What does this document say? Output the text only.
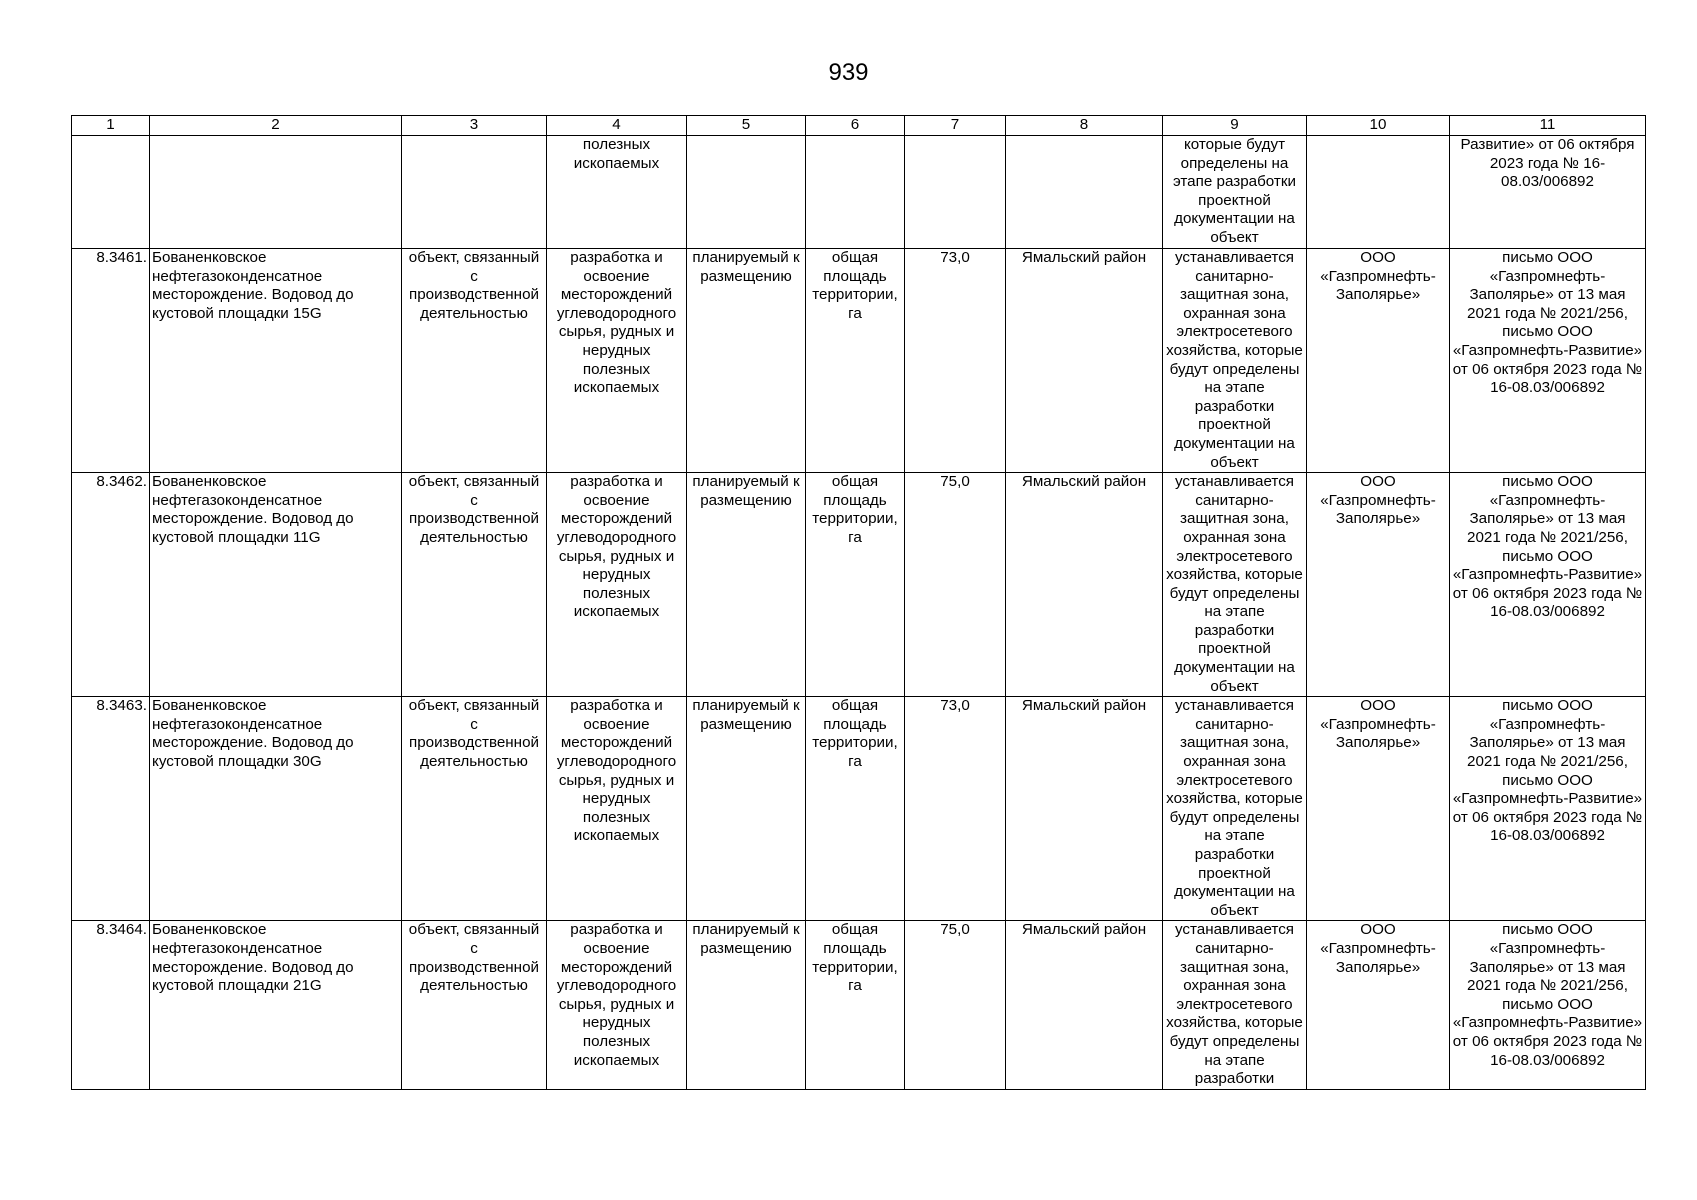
939
1	2	3	4	5	6	7	8	9	10	11
			полезных ископаемых					которые будут определены на этапе разработки проектной документации на объект		Развитие» от 06 октября 2023 года № 16-08.03/006892
8.3461.	Бованенковское нефтегазоконденсатное месторождение. Водовод до кустовой площадки 15G	объект, связанный с производственной деятельностью	разработка и освоение месторождений углеводородного сырья, рудных и нерудных полезных ископаемых	планируемый к размещению	общая площадь территории, га	73,0	Ямальский район	устанавливается санитарно-защитная зона, охранная зона электросетевого хозяйства, которые будут определены на этапе разработки проектной документации на объект	ООО «Газпромнефть-Заполярье»	письмо ООО «Газпромнефть-Заполярье» от 13 мая 2021 года № 2021/256, письмо ООО «Газпромнефть-Развитие» от 06 октября 2023 года № 16-08.03/006892
8.3462.	Бованенковское нефтегазоконденсатное месторождение. Водовод до кустовой площадки 11G	объект, связанный с производственной деятельностью	разработка и освоение месторождений углеводородного сырья, рудных и нерудных полезных ископаемых	планируемый к размещению	общая площадь территории, га	75,0	Ямальский район	устанавливается санитарно-защитная зона, охранная зона электросетевого хозяйства, которые будут определены на этапе разработки проектной документации на объект	ООО «Газпромнефть-Заполярье»	письмо ООО «Газпромнефть-Заполярье» от 13 мая 2021 года № 2021/256, письмо ООО «Газпромнефть-Развитие» от 06 октября 2023 года № 16-08.03/006892
8.3463.	Бованенковское нефтегазоконденсатное месторождение. Водовод до кустовой площадки 30G	объект, связанный с производственной деятельностью	разработка и освоение месторождений углеводородного сырья, рудных и нерудных полезных ископаемых	планируемый к размещению	общая площадь территории, га	73,0	Ямальский район	устанавливается санитарно-защитная зона, охранная зона электросетевого хозяйства, которые будут определены на этапе разработки проектной документации на объект	ООО «Газпромнефть-Заполярье»	письмо ООО «Газпромнефть-Заполярье» от 13 мая 2021 года № 2021/256, письмо ООО «Газпромнефть-Развитие» от 06 октября 2023 года № 16-08.03/006892
8.3464.	Бованенковское нефтегазоконденсатное месторождение. Водовод до кустовой площадки 21G	объект, связанный с производственной деятельностью	разработка и освоение месторождений углеводородного сырья, рудных и нерудных полезных ископаемых	планируемый к размещению	общая площадь территории, га	75,0	Ямальский район	устанавливается санитарно-защитная зона, охранная зона электросетевого хозяйства, которые будут определены на этапе разработки	ООО «Газпромнефть-Заполярье»	письмо ООО «Газпромнефть-Заполярье» от 13 мая 2021 года № 2021/256, письмо ООО «Газпромнефть-Развитие» от 06 октября 2023 года № 16-08.03/006892
